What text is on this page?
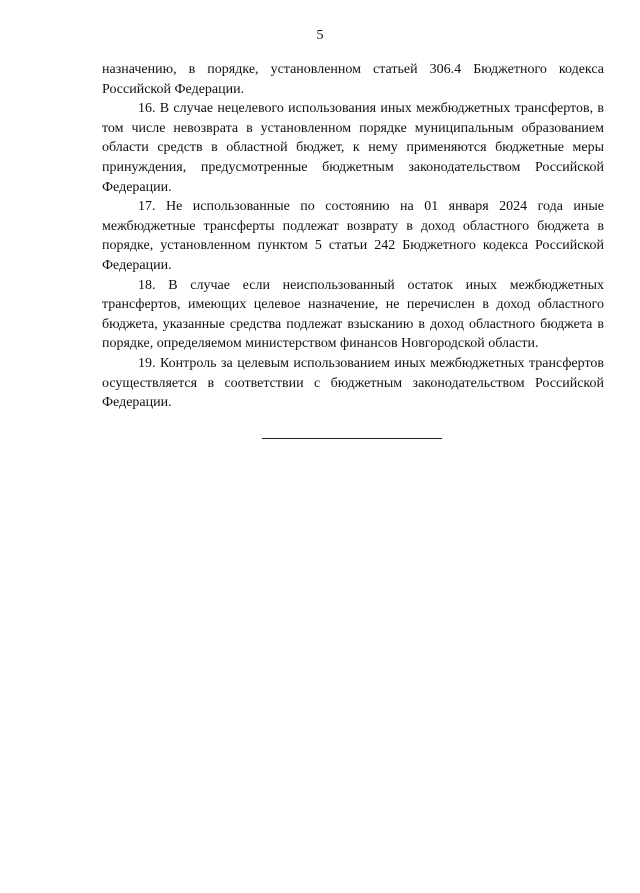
5

назначению, в порядке, установленном статьей 306.4 Бюджетного кодекса Российской Федерации.

16. В случае нецелевого использования иных межбюджетных трансфертов, в том числе невозврата в установленном порядке муниципальным образованием области средств в областной бюджет, к нему применяются бюджетные меры принуждения, предусмотренные бюджетным законодательством Российской Федерации.

17. Не использованные по состоянию на 01 января 2024 года иные межбюджетные трансферты подлежат возврату в доход областного бюджета в порядке, установленном пунктом 5 статьи 242 Бюджетного кодекса Российской Федерации.

18. В случае если неиспользованный остаток иных межбюджетных трансфертов, имеющих целевое назначение, не перечислен в доход областного бюджета, указанные средства подлежат взысканию в доход областного бюджета в порядке, определяемом министерством финансов Новгородской области.

19. Контроль за целевым использованием иных межбюджетных трансфертов осуществляется в соответствии с бюджетным законодательством Российской Федерации.
